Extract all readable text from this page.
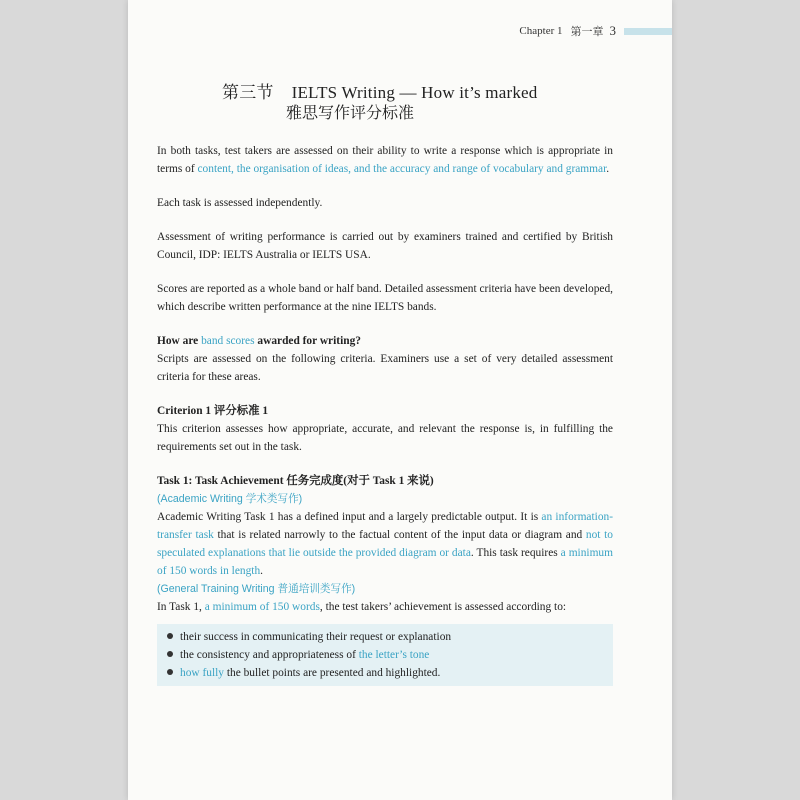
Chapter 1 第一章 3
第三节 IELTS Writing — How it’s marked
雅思写作评分标准

In both tasks, test takers are assessed on their ability to write a response which is appropriate in terms of content, the organisation of ideas, and the accuracy and range of vocabulary and grammar.

Each task is assessed independently.

Assessment of writing performance is carried out by examiners trained and certified by British Council, IDP: IELTS Australia or IELTS USA.

Scores are reported as a whole band or half band. Detailed assessment criteria have been developed, which describe written performance at the nine IELTS bands.

How are band scores awarded for writing?

Scripts are assessed on the following criteria. Examiners use a set of very detailed assessment criteria for these areas.

Criterion 1 评分标准 1

This criterion assesses how appropriate, accurate, and relevant the response is, in fulfilling the requirements set out in the task.

Task 1: Task Achievement 任务完成度(对于 Task 1 来说)

(Academic Writing 学术类写作)

Academic Writing Task 1 has a defined input and a largely predictable output. It is an information-transfer task that is related narrowly to the factual content of the input data or diagram and not to speculated explanations that lie outside the provided diagram or data. This task requires a minimum of 150 words in length.

(General Training Writing 普通培训类写作)

In Task 1, a minimum of 150 words, the test takers’ achievement is assessed according to:

their success in communicating their request or explanation
the consistency and appropriateness of the letter’s tone
how fully the bullet points are presented and highlighted.
